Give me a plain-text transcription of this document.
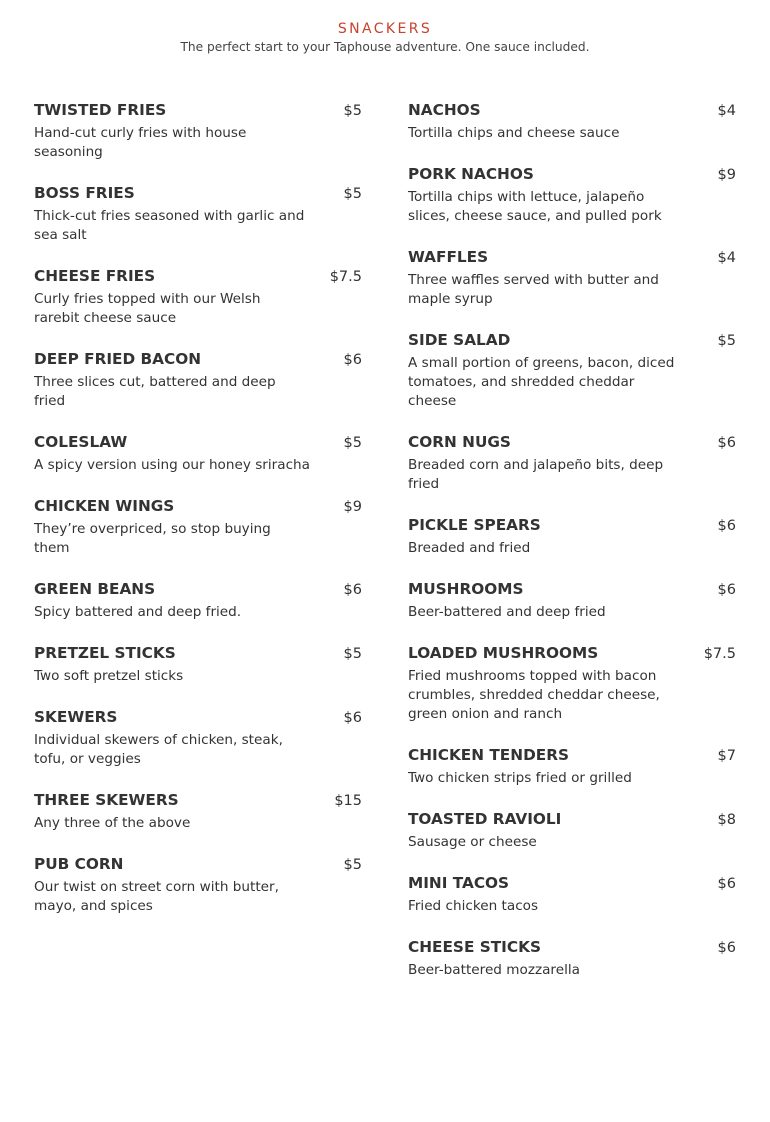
SNACKERS
The perfect start to your Taphouse adventure. One sauce included.
TWISTED FRIES	$5
Hand-cut curly fries with house seasoning
BOSS FRIES	$5
Thick-cut fries seasoned with garlic and sea salt
CHEESE FRIES	$7.5
Curly fries topped with our Welsh rarebit cheese sauce
DEEP FRIED BACON	$6
Three slices cut, battered and deep fried
COLESLAW	$5
A spicy version using our honey sriracha
CHICKEN WINGS	$9
They’re overpriced, so stop buying them
GREEN BEANS	$6
Spicy battered and deep fried.
PRETZEL STICKS	$5
Two soft pretzel sticks
SKEWERS	$6
Individual skewers of chicken, steak, tofu, or veggies
THREE SKEWERS	$15
Any three of the above
PUB CORN	$5
Our twist on street corn with butter, mayo, and spices
NACHOS	$4
Tortilla chips and cheese sauce
PORK NACHOS	$9
Tortilla chips with lettuce, jalapeño slices, cheese sauce, and pulled pork
WAFFLES	$4
Three waffles served with butter and maple syrup
SIDE SALAD	$5
A small portion of greens, bacon, diced tomatoes, and shredded cheddar cheese
CORN NUGS	$6
Breaded corn and jalapeño bits, deep fried
PICKLE SPEARS	$6
Breaded and fried
MUSHROOMS	$6
Beer-battered and deep fried
LOADED MUSHROOMS	$7.5
Fried mushrooms topped with bacon crumbles, shredded cheddar cheese, green onion and ranch
CHICKEN TENDERS	$7
Two chicken strips fried or grilled
TOASTED RAVIOLI	$8
Sausage or cheese
MINI TACOS	$6
Fried chicken tacos
CHEESE STICKS	$6
Beer-battered mozzarella
